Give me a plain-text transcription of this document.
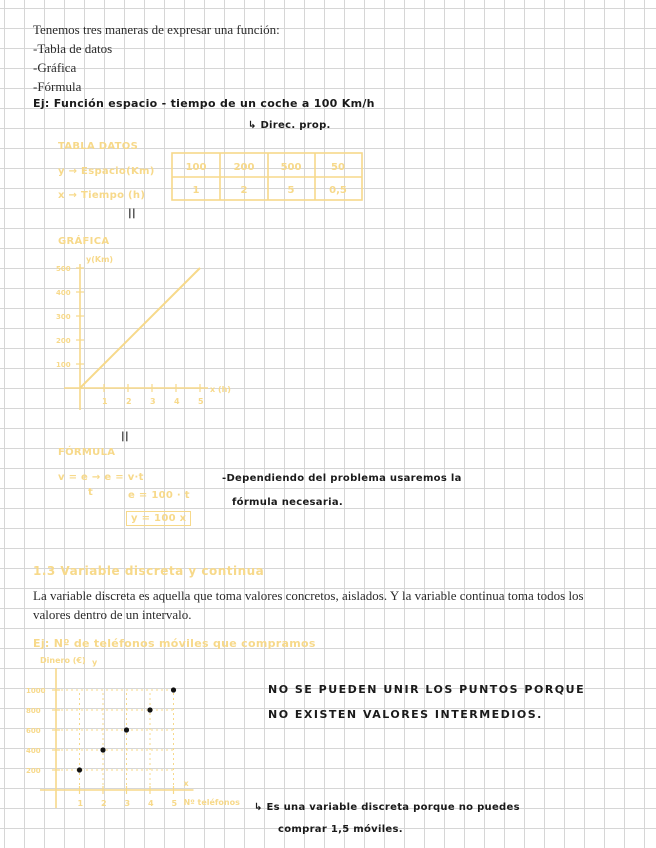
Tenemos tres maneras de expresar una función:
-Tabla de datos
-Gráfica
-Fórmula
Ej: Función espacio - tiempo de un coche a 100 Km/h
↳ Direc. prop.
TABLA DATOS
y → Espacio(Km)
x → Tiempo (h)
100	200	500	50
1	2	5	0,5
||
GRÁFICA
y(Km)
x (h)
500
400
300
200
100
1 2 3 4 5
||
FÓRMULA
v = e → e = v·t
t	e = 100 · t
y = 100 x
-Dependiendo del problema usaremos la
fórmula necesaria.
1.3 Variable discreta y continua
La variable discreta es aquella que toma valores concretos, aislados. Y la variable continua toma todos los valores dentro de un intervalo.
Ej: Nº de teléfonos móviles que compramos
Dinero (€) y
x
Nº teléfonos
1000
800
600
400
200
1 2 3 4 5
NO SE PUEDEN UNIR LOS PUNTOS PORQUE
NO EXISTEN VALORES INTERMEDIOS.
↳ Es una variable discreta porque no puedes
comprar 1,5 móviles.
